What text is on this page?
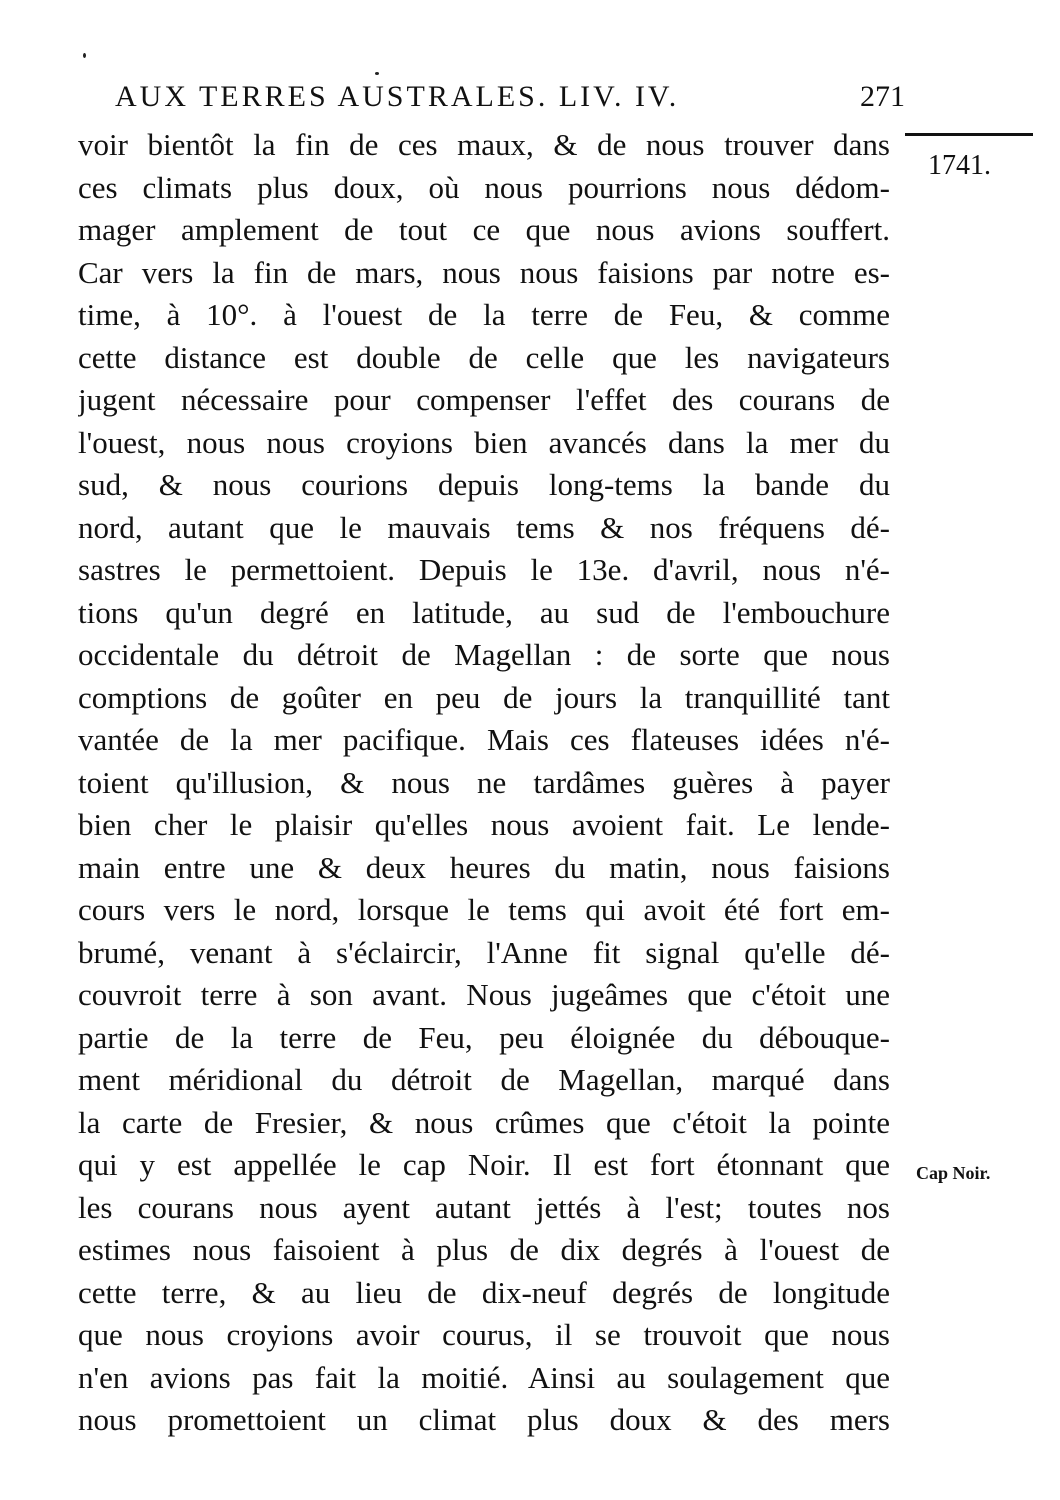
AUX TERRES AUSTRALES. LIV. IV.	271
1741.
Cap Noir.
voir bientôt la fin de ces maux, & de nous trouver dans
ces climats plus doux, où nous pourrions nous dédom-
mager amplement de tout ce que nous avions souffert.
Car vers la fin de mars, nous nous faisions par notre es-
time, à 10°. à l'ouest de la terre de Feu, & comme
cette distance est double de celle que les navigateurs
jugent nécessaire pour compenser l'effet des courans de
l'ouest, nous nous croyions bien avancés dans la mer du
sud, & nous courions depuis long-tems la bande du
nord, autant que le mauvais tems & nos fréquens dé-
sastres le permettoient. Depuis le 13e. d'avril, nous n'é-
tions qu'un degré en latitude, au sud de l'embouchure
occidentale du détroit de Magellan : de sorte que nous
comptions de goûter en peu de jours la tranquillité tant
vantée de la mer pacifique. Mais ces flateuses idées n'é-
toient qu'illusion, & nous ne tardâmes guères à payer
bien cher le plaisir qu'elles nous avoient fait. Le lende-
main entre une & deux heures du matin, nous faisions
cours vers le nord, lorsque le tems qui avoit été fort em-
brumé, venant à s'éclaircir, l'Anne fit signal qu'elle dé-
couvroit terre à son avant. Nous jugeâmes que c'étoit une
partie de la terre de Feu, peu éloignée du débouque-
ment méridional du détroit de Magellan, marqué dans
la carte de Fresier, & nous crûmes que c'étoit la pointe
qui y est appellée le cap Noir. Il est fort étonnant que
les courans nous ayent autant jettés à l'est; toutes nos
estimes nous faisoient à plus de dix degrés à l'ouest de
cette terre, & au lieu de dix-neuf degrés de longitude
que nous croyions avoir courus, il se trouvoit que nous
n'en avions pas fait la moitié. Ainsi au soulagement que
nous promettoient un climat plus doux & des mers
